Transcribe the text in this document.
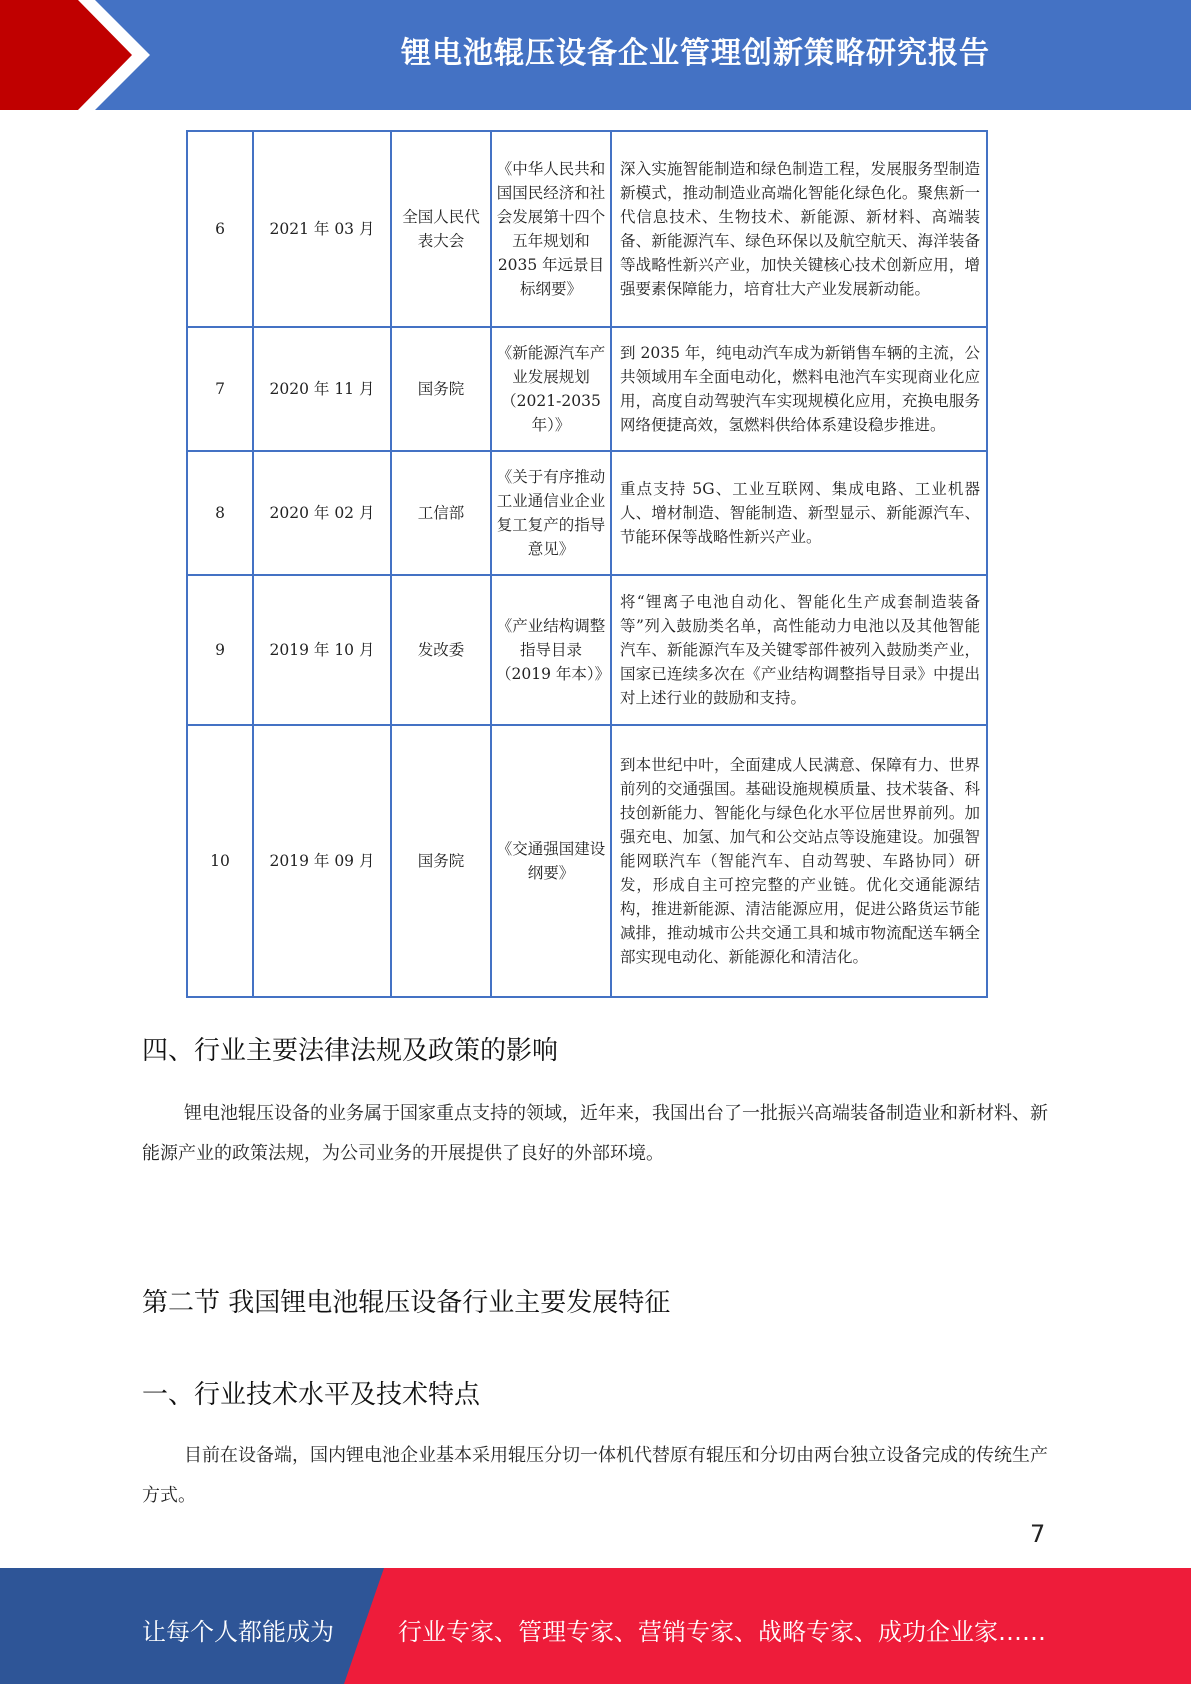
锂电池辊压设备企业管理创新策略研究报告
6	2021 年 03 月	全国人民代表大会	《中华人民共和国国民经济和社会发展第十四个五年规划和 2035 年远景目标纲要》	深入实施智能制造和绿色制造工程，发展服务型制造新模式，推动制造业高端化智能化绿色化。聚焦新一代信息技术、生物技术、新能源、新材料、高端装备、新能源汽车、绿色环保以及航空航天、海洋装备等战略性新兴产业，加快关键核心技术创新应用，增强要素保障能力，培育壮大产业发展新动能。
7	2020 年 11 月	国务院	《新能源汽车产业发展规划（2021-2035 年）》	到 2035 年，纯电动汽车成为新销售车辆的主流，公共领域用车全面电动化，燃料电池汽车实现商业化应用，高度自动驾驶汽车实现规模化应用，充换电服务网络便捷高效，氢燃料供给体系建设稳步推进。
8	2020 年 02 月	工信部	《关于有序推动工业通信业企业复工复产的指导意见》	重点支持 5G、工业互联网、集成电路、工业机器人、增材制造、智能制造、新型显示、新能源汽车、节能环保等战略性新兴产业。
9	2019 年 10 月	发改委	《产业结构调整指导目录（2019 年本）》	将“锂离子电池自动化、智能化生产成套制造装备等”列入鼓励类名单，高性能动力电池以及其他智能汽车、新能源汽车及关键零部件被列入鼓励类产业，国家已连续多次在《产业结构调整指导目录》中提出对上述行业的鼓励和支持。
10	2019 年 09 月	国务院	《交通强国建设纲要》	到本世纪中叶，全面建成人民满意、保障有力、世界前列的交通强国。基础设施规模质量、技术装备、科技创新能力、智能化与绿色化水平位居世界前列。加强充电、加氢、加气和公交站点等设施建设。加强智能网联汽车（智能汽车、自动驾驶、车路协同）研发，形成自主可控完整的产业链。优化交通能源结构，推进新能源、清洁能源应用，促进公路货运节能减排，推动城市公共交通工具和城市物流配送车辆全部实现电动化、新能源化和清洁化。
四、行业主要法律法规及政策的影响
锂电池辊压设备的业务属于国家重点支持的领域，近年来，我国出台了一批振兴高端装备制造业和新材料、新能源产业的政策法规，为公司业务的开展提供了良好的外部环境。
第二节 我国锂电池辊压设备行业主要发展特征
一、行业技术水平及技术特点
目前在设备端，国内锂电池企业基本采用辊压分切一体机代替原有辊压和分切由两台独立设备完成的传统生产方式。
7
让每个人都能成为	行业专家、管理专家、营销专家、战略专家、成功企业家……
